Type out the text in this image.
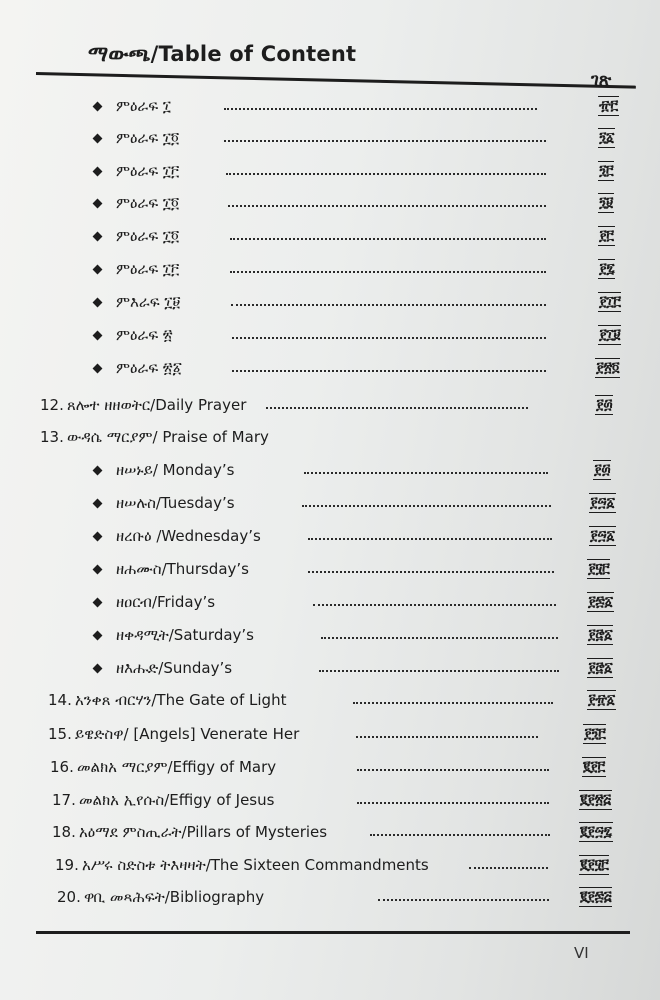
ማውጫ/Table of Content
ገጽ
ምዕራፍ ፲	፹፫
ምዕራፍ ፲፬	፺፩
ምዕራፍ ፲፫	፺፫
ምዕራፍ ፲፬	፺፱
ምዕራፍ ፲፬	፻፫
ምዕራፍ ፲፫	፻፯
ምእራፍ ፲፱	፻፲፫
ምዕራፍ ፳	፻፲፱
ምዕራፍ ፳፩	፻፳፬
12. ጸሎተ ዘዘወትር/Daily Prayer	፻፴
13. ውዳሴ ማርያም/ Praise of Mary
ዘሠኑይ/ Monday’s	፻፴
ዘሠሉስ/Tuesday’s	፻፵፩
ዘረቡዕ /Wednesday’s	፻፵፩
ዘሐሙስ/Thursday’s	፻፶፫
ዘዐርብ/Friday’s	፻፷፩
ዘቀዳሚት/Saturday’s	፻፸፩
ዘእሑድ/Sunday’s	፻፸፩
14. አንቀጸ ብርሃን/The Gate of Light	፻፹፩
15. ይዌድስዋ/ [Angels] Venerate Her	፻፺፫
16. መልክአ ማርያም/Effigy of Mary	፪፻፫
17. መልክአ ኢየሱስ/Effigy of Jesus	፪፻፳፭
18. አዕማደ ምስጢራት/Pillars of Mysteries	፪፻፵፯
19. አሥሩ ስድስቱ ትእዛዛት/The Sixteen Commandments	፪፻፶፫
20. ዋቢ መጻሕፍት/Bibliography	፪፻፷፭
VI
